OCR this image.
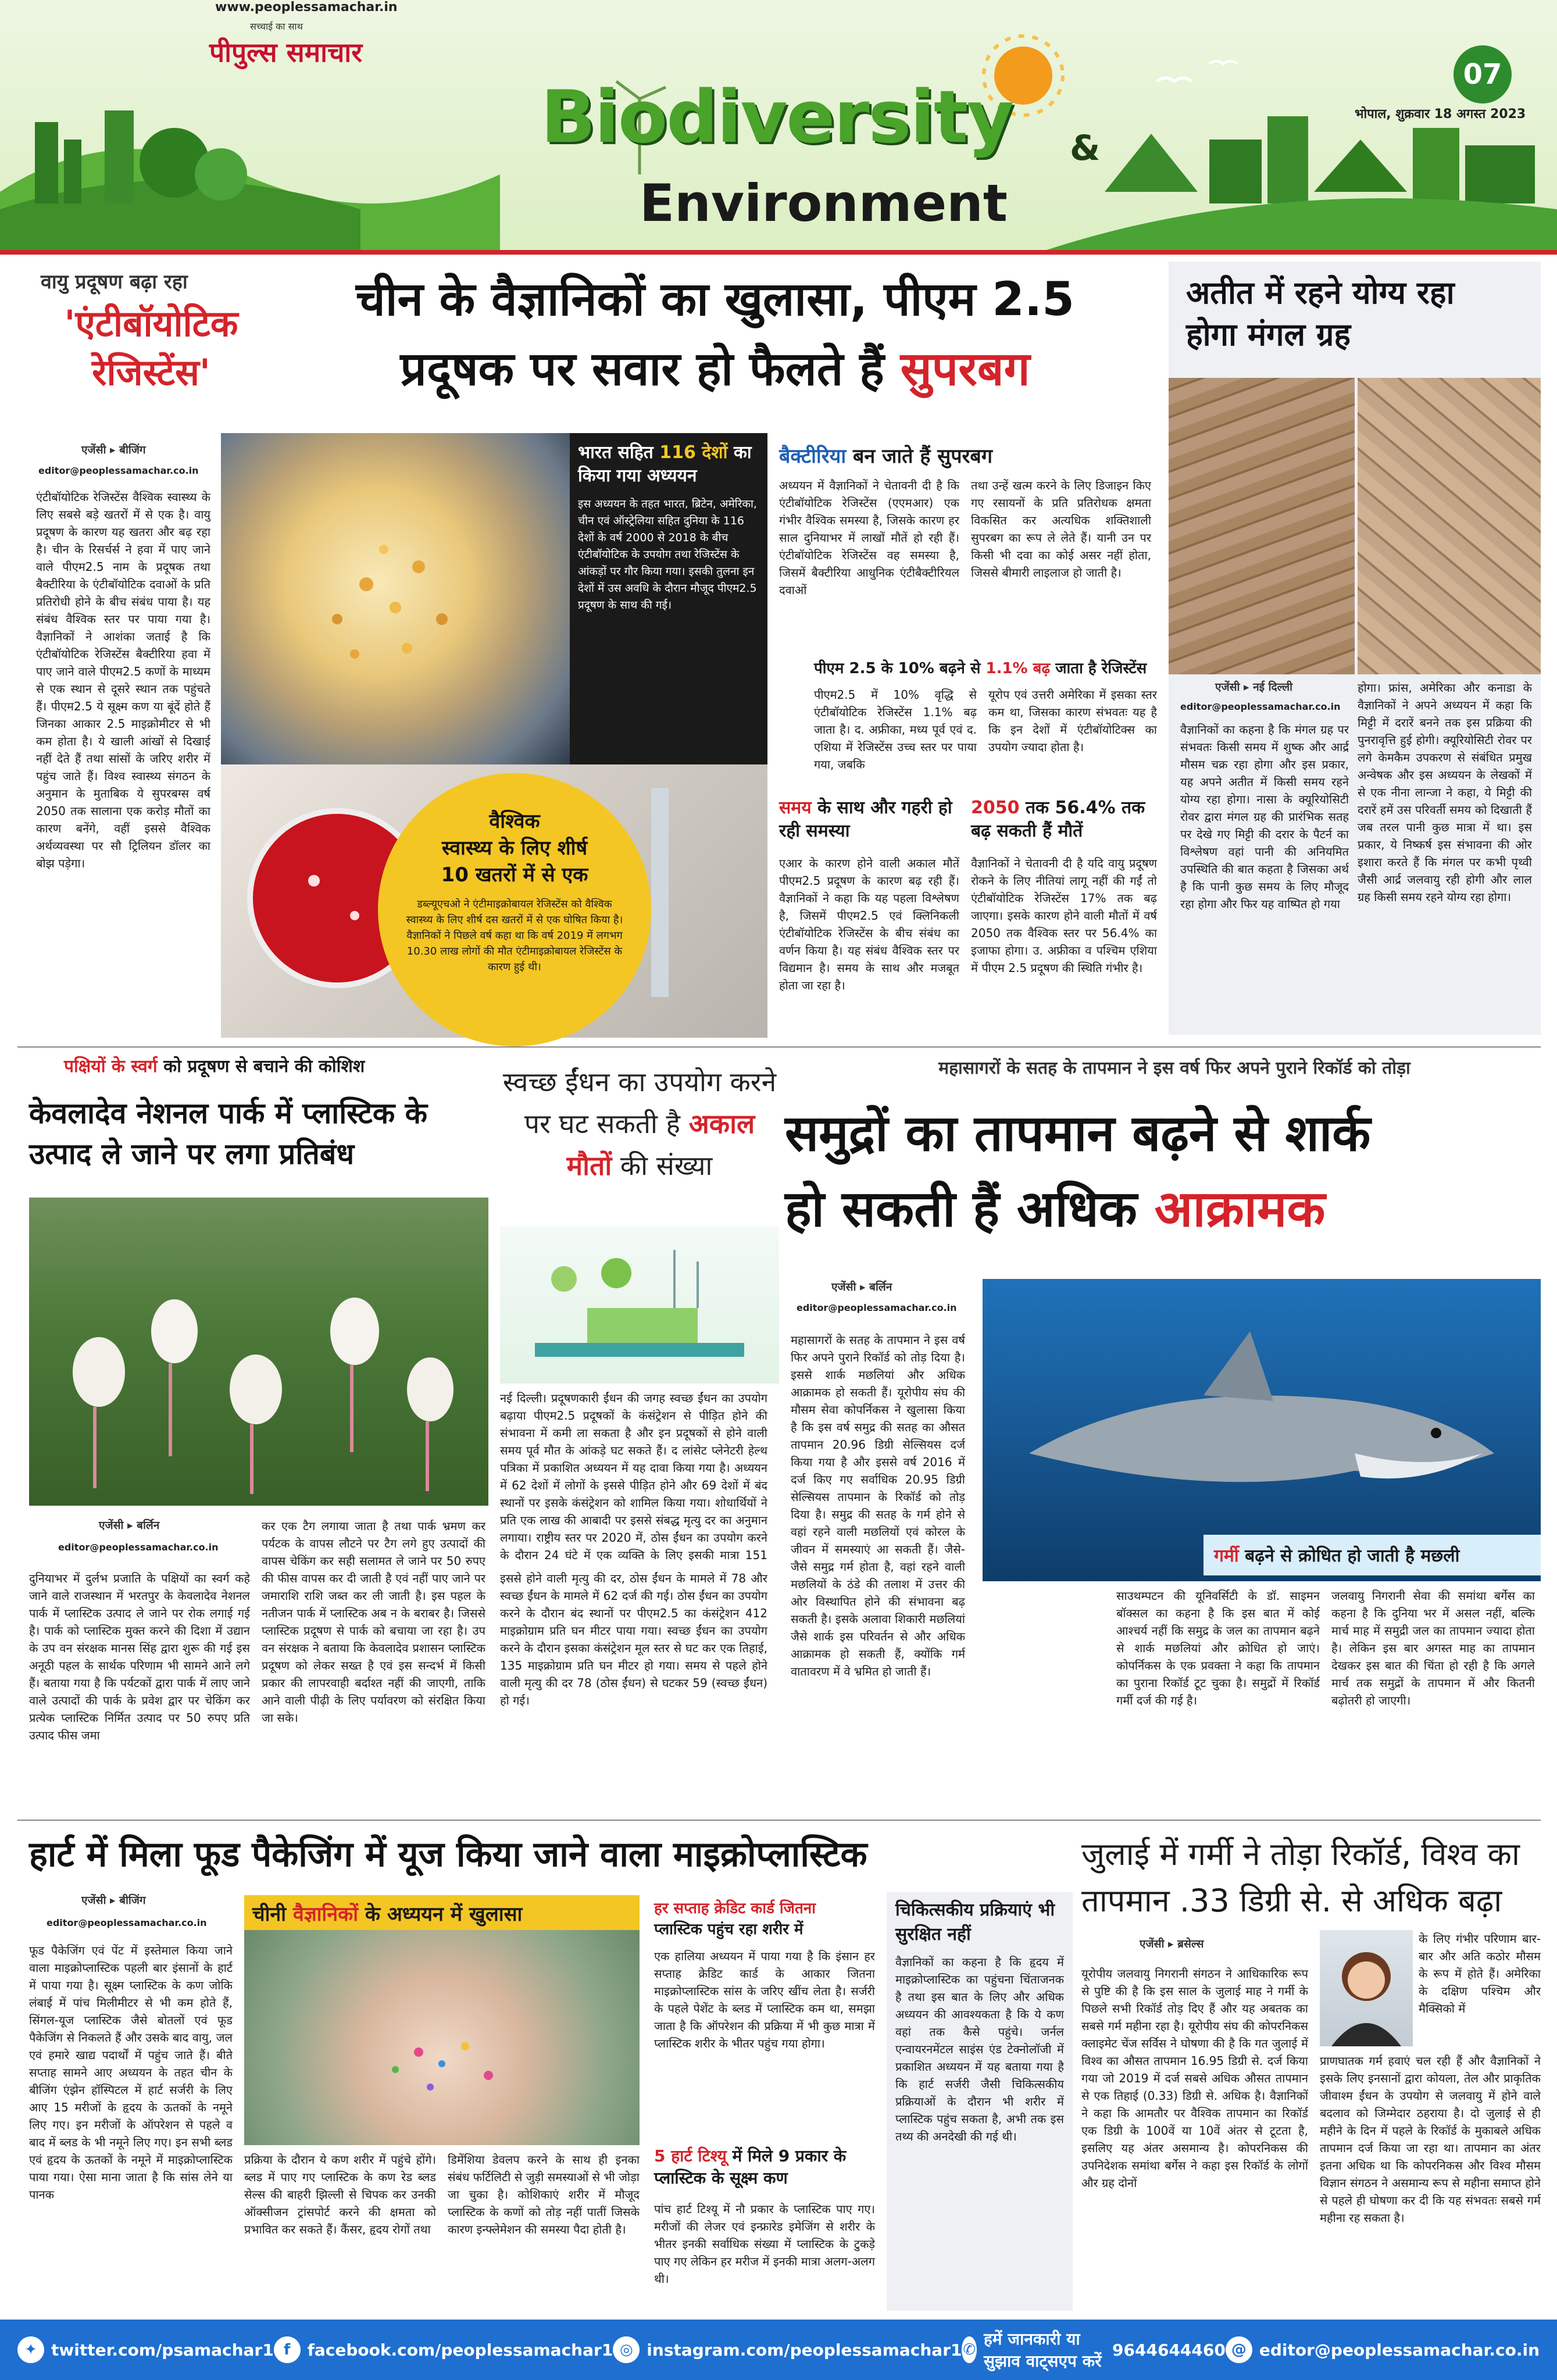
सच्चाई का साथ
www.peoplessamachar.in
पीपुल्स समाचार
07
भोपाल, शुक्रवार 18 अगस्त 2023
Biodiversity &
Environment
वायु प्रदूषण बढ़ा रहा
'एंटीबॉयोटिक रेजिस्टेंस'
एजेंसी ▸ बीजिंग
editor@peoplessamachar.co.in
एंटीबॉयोटिक रेजिस्टेंस वैश्विक स्वास्थ्य के लिए सबसे बड़े खतरों में से एक है। वायु प्रदूषण के कारण यह खतरा और बढ़ रहा है। चीन के रिसर्चर्स ने हवा में पाए जाने वाले पीएम2.5 नाम के प्रदूषक तथा बैक्टीरिया के एंटीबॉयोटिक दवाओं के प्रति प्रतिरोधी होने के बीच संबंध पाया है। यह संबंध वैश्विक स्तर पर पाया गया है। वैज्ञानिकों ने आशंका जताई है कि एंटीबॉयोटिक रेजिस्टेंस बैक्टीरिया हवा में पाए जाने वाले पीएम2.5 कणों के माध्यम से एक स्थान से दूसरे स्थान तक पहुंचते हैं। पीएम2.5 ये सूक्ष्म कण या बूंदें होते हैं जिनका आकार 2.5 माइक्रोमीटर से भी कम होता है। ये खाली आंखों से दिखाई नहीं देते हैं तथा सांसों के जरिए शरीर में पहुंच जाते हैं। विश्व स्वास्थ्य संगठन के अनुमान के मुताबिक ये सुपरबग्स वर्ष 2050 तक सालाना एक करोड़ मौतों का कारण बनेंगे, वहीं इससे वैश्विक अर्थव्यवस्था पर सौ ट्रिलियन डॉलर का बोझ पड़ेगा।
चीन के वैज्ञानिकों का खुलासा, पीएम 2.5
प्रदूषक पर सवार हो फैलते हैं सुपरबग
भारत सहित 116 देशों का किया गया अध्ययन
इस अध्ययन के तहत भारत, ब्रिटेन, अमेरिका, चीन एवं ऑस्ट्रेलिया सहित दुनिया के 116 देशों के वर्ष 2000 से 2018 के बीच एंटीबॉयोटिक के उपयोग तथा रेजिस्टेंस के आंकड़ों पर गौर किया गया। इसकी तुलना इन देशों में उस अवधि के दौरान मौजूद पीएम2.5 प्रदूषण के साथ की गई।
वैश्विक
स्वास्थ्य के लिए शीर्ष
10 खतरों में से एक
डब्ल्यूएचओ ने एंटीमाइक्रोबायल रेजिस्टेंस को वैश्विक स्वास्थ्य के लिए शीर्ष दस खतरों में से एक घोषित किया है। वैज्ञानिकों ने पिछले वर्ष कहा था कि वर्ष 2019 में लगभग 10.30 लाख लोगों की मौत एंटीमाइक्रोबायल रेजिस्टेंस के कारण हुई थी।
बैक्टीरिया बन जाते हैं सुपरबग
अध्ययन में वैज्ञानिकों ने चेतावनी दी है कि एंटीबॉयोटिक रेजिस्टेंस (एएमआर) एक गंभीर वैश्विक समस्या है, जिसके कारण हर साल दुनियाभर में लाखों मौतें हो रही हैं। एंटीबॉयोटिक रेजिस्टेंस वह समस्या है, जिसमें बैक्टीरिया आधुनिक एंटीबैक्टीरियल दवाओं
तथा उन्हें खत्म करने के लिए डिजाइन किए गए रसायनों के प्रति प्रतिरोधक क्षमता विकसित कर अत्यधिक शक्तिशाली सुपरबग का रूप ले लेते हैं। यानी उन पर किसी भी दवा का कोई असर नहीं होता, जिससे बीमारी लाइलाज हो जाती है।
पीएम 2.5 के 10% बढ़ने से 1.1% बढ़ जाता है रेजिस्टेंस
पीएम2.5 में 10% वृद्धि से एंटीबॉयोटिक रेजिस्टेंस 1.1% बढ़ जाता है। द. अफ्रीका, मध्य पूर्व एवं द. एशिया में रेजिस्टेंस उच्च स्तर पर पाया गया, जबकि
यूरोप एवं उत्तरी अमेरिका में इसका स्तर कम था, जिसका कारण संभवतः यह है कि इन देशों में एंटीबॉयोटिक्स का उपयोग ज्यादा होता है।
समय के साथ और गहरी हो रही समस्या
एआर के कारण होने वाली अकाल मौतें पीएम2.5 प्रदूषण के कारण बढ़ रही हैं। वैज्ञानिकों ने कहा कि यह पहला विश्लेषण है, जिसमें पीएम2.5 एवं क्लिनिकली एंटीबॉयोटिक रेजिस्टेंस के बीच संबंध का वर्णन किया है। यह संबंध वैश्विक स्तर पर विद्यमान है। समय के साथ और मजबूत होता जा रहा है।
2050 तक 56.4% तक बढ़ सकती हैं मौतें
वैज्ञानिकों ने चेतावनी दी है यदि वायु प्रदूषण रोकने के लिए नीतियां लागू नहीं की गईं तो एंटीबॉयोटिक रेजिस्टेंस 17% तक बढ़ जाएगा। इसके कारण होने वाली मौतों में वर्ष 2050 तक वैश्विक स्तर पर 56.4% का इजाफा होगा। उ. अफ्रीका व पश्चिम एशिया में पीएम 2.5 प्रदूषण की स्थिति गंभीर है।
अतीत में रहने योग्य रहा होगा मंगल ग्रह
एजेंसी ▸ नई दिल्ली
editor@peoplessamachar.co.in
वैज्ञानिकों का कहना है कि मंगल ग्रह पर संभवतः किसी समय में शुष्क और आर्द्र मौसम चक्र रहा होगा और इस प्रकार, यह अपने अतीत में किसी समय रहने योग्य रहा होगा। नासा के क्यूरियोसिटी रोवर द्वारा मंगल ग्रह की प्रारंभिक सतह पर देखे गए मिट्टी की दरार के पैटर्न का विश्लेषण वहां पानी की अनियमित उपस्थिति की बात कहता है जिसका अर्थ है कि पानी कुछ समय के लिए मौजूद रहा होगा और फिर यह वाष्पित हो गया
होगा। फ्रांस, अमेरिका और कनाडा के वैज्ञानिकों ने अपने अध्ययन में कहा कि मिट्टी में दरारें बनने तक इस प्रक्रिया की पुनरावृत्ति हुई होगी। क्यूरियोसिटी रोवर पर लगे केमकैम उपकरण से संबंधित प्रमुख अन्वेषक और इस अध्ययन के लेखकों में से एक नीना लान्जा ने कहा, ये मिट्टी की दरारें हमें उस परिवर्ती समय को दिखाती हैं जब तरल पानी कुछ मात्रा में था। इस प्रकार, ये निष्कर्ष इस संभावना की ओर इशारा करते हैं कि मंगल पर कभी पृथ्वी जैसी आर्द्र जलवायु रही होगी और लाल ग्रह किसी समय रहने योग्य रहा होगा।
पक्षियों के स्वर्ग को प्रदूषण से बचाने की कोशिश
केवलादेव नेशनल पार्क में प्लास्टिक के उत्पाद ले जाने पर लगा प्रतिबंध
एजेंसी ▸ बर्लिन
editor@peoplessamachar.co.in
दुनियाभर में दुर्लभ प्रजाति के पक्षियों का स्वर्ग कहे जाने वाले राजस्थान में भरतपुर के केवलादेव नेशनल पार्क में प्लास्टिक उत्पाद ले जाने पर रोक लगाई गई है। पार्क को प्लास्टिक मुक्त करने की दिशा में उद्यान के उप वन संरक्षक मानस सिंह द्वारा शुरू की गई इस अनूठी पहल के सार्थक परिणाम भी सामने आने लगे हैं। बताया गया है कि पर्यटकों द्वारा पार्क में लाए जाने वाले उत्पादों की पार्क के प्रवेश द्वार पर चेकिंग कर प्रत्येक प्लास्टिक निर्मित उत्पाद पर 50 रुपए प्रति उत्पाद फीस जमा
कर एक टैग लगाया जाता है तथा पार्क भ्रमण कर पर्यटक के वापस लौटने पर टैग लगे हुए उत्पादों की वापस चेकिंग कर सही सलामत ले जाने पर 50 रुपए की फीस वापस कर दी जाती है एवं नहीं पाए जाने पर जमाराशि राशि जब्त कर ली जाती है। इस पहल के नतीजन पार्क में प्लास्टिक अब न के बराबर है। जिससे प्लास्टिक प्रदूषण से पार्क को बचाया जा रहा है। उप वन संरक्षक ने बताया कि केवलादेव प्रशासन प्लास्टिक प्रदूषण को लेकर सख्त है एवं इस सन्दर्भ में किसी प्रकार की लापरवाही बर्दाश्त नहीं की जाएगी, ताकि आने वाली पीढ़ी के लिए पर्यावरण को संरक्षित किया जा सके।
स्वच्छ ईंधन का उपयोग करने पर घट सकती है अकाल मौतों की संख्या
नई दिल्ली। प्रदूषणकारी ईंधन की जगह स्वच्छ ईंधन का उपयोग बढ़ाया पीएम2.5 प्रदूषकों के कंसंट्रेशन से पीड़ित होने की संभावना में कमी ला सकता है और इन प्रदूषकों से होने वाली समय पूर्व मौत के आंकड़े घट सकते हैं। द लांसेट प्लेनेटरी हेल्थ पत्रिका में प्रकाशित अध्ययन में यह दावा किया गया है। अध्ययन में 62 देशों में लोगों के इससे पीड़ित होने और 69 देशों में बंद स्थानों पर इसके कंसंट्रेशन को शामिल किया गया। शोधार्थियों ने प्रति एक लाख की आबादी पर इससे संबद्ध मृत्यु दर का अनुमान लगाया। राष्ट्रीय स्तर पर 2020 में, ठोस ईंधन का उपयोग करने के दौरान 24 घंटे में एक व्यक्ति के लिए इसकी मात्रा 151
इससे होने वाली मृत्यु की दर, ठोस ईंधन के मामले में 78 और स्वच्छ ईंधन के मामले में 62 दर्ज की गई। ठोस ईंधन का उपयोग करने के दौरान बंद स्थानों पर पीएम2.5 का कंसंट्रेशन 412 माइक्रोग्राम प्रति घन मीटर पाया गया। स्वच्छ ईंधन का उपयोग करने के दौरान इसका कंसंट्रेशन मूल स्तर से घट कर एक तिहाई, 135 माइक्रोग्राम प्रति घन मीटर हो गया। समय से पहले होने वाली मृत्यु की दर 78 (ठोस ईंधन) से घटकर 59 (स्वच्छ ईंधन) हो गई।
महासागरों के सतह के तापमान ने इस वर्ष फिर अपने पुराने रिकॉर्ड को तोड़ा
समुद्रों का तापमान बढ़ने से शार्क
हो सकती हैं अधिक आक्रामक
एजेंसी ▸ बर्लिन
editor@peoplessamachar.co.in
महासागरों के सतह के तापमान ने इस वर्ष फिर अपने पुराने रिकॉर्ड को तोड़ दिया है। इससे शार्क मछलियां और अधिक आक्रामक हो सकती हैं। यूरोपीय संघ की मौसम सेवा कोपर्निकस ने खुलासा किया है कि इस वर्ष समुद्र की सतह का औसत तापमान 20.96 डिग्री सेल्सियस दर्ज किया गया है और इससे वर्ष 2016 में दर्ज किए गए सर्वाधिक 20.95 डिग्री सेल्सियस तापमान के रिकॉर्ड को तोड़ दिया है। समुद्र की सतह के गर्म होने से वहां रहने वाली मछलियों एवं कोरल के जीवन में समस्याएं आ सकती हैं। जैसे-जैसे समुद्र गर्म होता है, वहां रहने वाली मछलियों के ठंडे की तलाश में उत्तर की ओर विस्थापित होने की संभावना बढ़ सकती है। इसके अलावा शिकारी मछलियां जैसे शार्क इस परिवर्तन से और अधिक आक्रामक हो सकती हैं, क्योंकि गर्म वातावरण में वे भ्रमित हो जाती हैं।
गर्मी बढ़ने से क्रोधित हो जाती है मछली
साउथम्पटन की यूनिवर्सिटी के डॉ. साइमन बॉक्सल का कहना है कि इस बात में कोई आश्चर्य नहीं कि समुद्र के जल का तापमान बढ़ने से शार्क मछलियां और क्रोधित हो जाएं। कोपर्निकस के एक प्रवक्ता ने कहा कि तापमान का पुराना रिकॉर्ड टूट चुका है। समुद्रों में रिकॉर्ड गर्मी दर्ज की गई है।
जलवायु निगरानी सेवा की समांथा बर्गेस का कहना है कि दुनिया भर में असल नहीं, बल्कि मार्च माह में समुद्री जल का तापमान ज्यादा होता है। लेकिन इस बार अगस्त माह का तापमान देखकर इस बात की चिंता हो रही है कि अगले मार्च तक समुद्रों के तापमान में और कितनी बढ़ोतरी हो जाएगी।
हार्ट में मिला फूड पैकेजिंग में यूज किया जाने वाला माइक्रोप्लास्टिक
एजेंसी ▸ बीजिंग
editor@peoplessamachar.co.in
फूड पैकेजिंग एवं पेंट में इस्तेमाल किया जाने वाला माइक्रोप्लास्टिक पहली बार इंसानों के हार्ट में पाया गया है। सूक्ष्म प्लास्टिक के कण जोकि लंबाई में पांच मिलीमीटर से भी कम होते हैं, सिंगल-यूज प्लास्टिक जैसे बोतलों एवं फूड पैकेजिंग से निकलते हैं और उसके बाद वायु, जल एवं हमारे खाद्य पदार्थों में पहुंच जाते हैं। बीते सप्ताह सामने आए अध्ययन के तहत चीन के बीजिंग एंझेन हॉस्पिटल में हार्ट सर्जरी के लिए आए 15 मरीजों के हृदय के ऊतकों के नमूने लिए गए। इन मरीजों के ऑपरेशन से पहले व बाद में ब्लड के भी नमूने लिए गए। इन सभी ब्लड एवं हृदय के ऊतकों के नमूने में माइक्रोप्लास्टिक पाया गया। ऐसा माना जाता है कि सांस लेने या पानक
चीनी वैज्ञानिकों के अध्ययन में खुलासा
प्रक्रिया के दौरान ये कण शरीर में पहुंचे होंगे। ब्लड में पाए गए प्लास्टिक के कण रेड ब्लड सेल्स की बाहरी झिल्ली से चिपक कर उनकी ऑक्सीजन ट्रांसपोर्ट करने की क्षमता को प्रभावित कर सकते हैं। कैंसर, हृदय रोगों तथा
डिमेंशिया डेवलप करने के साथ ही इनका संबंध फर्टिलिटी से जुड़ी समस्याओं से भी जोड़ा जा चुका है। कोशिकाएं शरीर में मौजूद प्लास्टिक के कणों को तोड़ नहीं पातीं जिसके कारण इन्फ्लेमेशन की समस्या पैदा होती है।
हर सप्ताह क्रेडिट कार्ड जितना
प्लास्टिक पहुंच रहा शरीर में
एक हालिया अध्ययन में पाया गया है कि इंसान हर सप्ताह क्रेडिट कार्ड के आकार जितना माइक्रोप्लास्टिक सांस के जरिए खींच लेता है। सर्जरी के पहले पेशेंट के ब्लड में प्लास्टिक कम था, समझा जाता है कि ऑपरेशन की प्रक्रिया में भी कुछ मात्रा में प्लास्टिक शरीर के भीतर पहुंच गया होगा।
5 हार्ट टिश्यू में मिले 9 प्रकार के प्लास्टिक के सूक्ष्म कण
पांच हार्ट टिश्यू में नौ प्रकार के प्लास्टिक पाए गए। मरीजों की लेजर एवं इन्फ्रारेड इमेजिंग से शरीर के भीतर इनकी सर्वाधिक संख्या में प्लास्टिक के टुकड़े पाए गए लेकिन हर मरीज में इनकी मात्रा अलग-अलग थी।
चिकित्सकीय प्रक्रियाएं भी सुरक्षित नहीं
वैज्ञानिकों का कहना है कि हृदय में माइक्रोप्लास्टिक का पहुंचना चिंताजनक है तथा इस बात के लिए और अधिक अध्ययन की आवश्यकता है कि ये कण वहां तक कैसे पहुंचे। जर्नल एन्वायरनमेंटल साइंस एंड टेक्नोलॉजी में प्रकाशित अध्ययन में यह बताया गया है कि हार्ट सर्जरी जैसी चिकित्सकीय प्रक्रियाओं के दौरान भी शरीर में प्लास्टिक पहुंच सकता है, अभी तक इस तथ्य की अनदेखी की गई थी।
जुलाई में गर्मी ने तोड़ा रिकॉर्ड, विश्व का तापमान .33 डिग्री से. से अधिक बढ़ा
एजेंसी ▸ ब्रसेल्स	के लिए गंभीर परिणाम बार-बार और अति कठोर मौसम के रूप में होते हैं। अमेरिका के दक्षिण पश्चिम और मैक्सिको में
यूरोपीय जलवायु निगरानी संगठन ने आधिकारिक रूप से पुष्टि की है कि इस साल के जुलाई माह ने गर्मी के पिछले सभी रिकॉर्ड तोड़ दिए हैं और यह अबतक का सबसे गर्म महीना रहा है। यूरोपीय संघ की कोपरनिकस क्लाइमेट चेंज सर्विस ने घोषणा की है कि गत जुलाई में विश्व का औसत तापमान 16.95 डिग्री से. दर्ज किया गया जो 2019 में दर्ज सबसे अधिक औसत तापमान से एक तिहाई (0.33) डिग्री से. अधिक है। वैज्ञानिकों ने कहा कि आमतौर पर वैश्विक तापमान का रिकॉर्ड एक डिग्री के 100वें या 10वें अंतर से टूटता है, इसलिए यह अंतर असमान्य है। कोपरनिकस की उपनिदेशक समांथा बर्गेस ने कहा इस रिकॉर्ड के लोगों और ग्रह दोनों
प्राणघातक गर्म हवाएं चल रही हैं और वैज्ञानिकों ने इसके लिए इनसानों द्वारा कोयला, तेल और प्राकृतिक जीवाश्म ईंधन के उपयोग से जलवायु में होने वाले बदलाव को जिम्मेदार ठहराया है। दो जुलाई से ही महीने के दिन में पहले के रिकॉर्ड के मुकाबले अधिक तापमान दर्ज किया जा रहा था। तापमान का अंतर इतना अधिक था कि कोपरनिकस और विश्व मौसम विज्ञान संगठन ने असमान्य रूप से महीना समाप्त होने से पहले ही घोषणा कर दी कि यह संभवतः सबसे गर्म महीना रह सकता है।
✦ twitter.com/psamachar1 f	facebook.com/peoplessamachar1 ◎ instagram.com/peoplessamachar1 ✆
हमें जानकारी या सुझाव वाट्सएप करें
9644644460 @ editor@peoplessamachar.co.in
